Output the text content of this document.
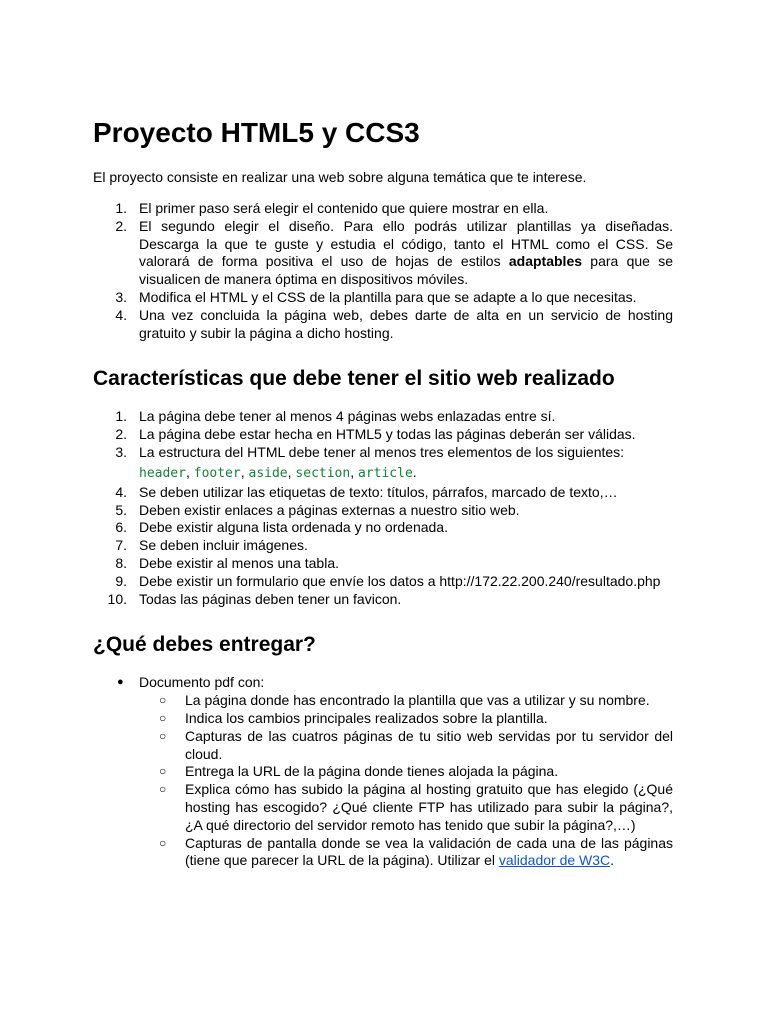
Proyecto HTML5 y CCS3

El proyecto consiste en realizar una web sobre alguna temática que te interese.

1. El primer paso será elegir el contenido que quiere mostrar en ella.
2. El segundo elegir el diseño. Para ello podrás utilizar plantillas ya diseñadas. Descarga la que te guste y estudia el código, tanto el HTML como el CSS. Se valorará de forma positiva el uso de hojas de estilos adaptables para que se visualicen de manera óptima en dispositivos móviles.
3. Modifica el HTML y el CSS de la plantilla para que se adapte a lo que necesitas.
4. Una vez concluida la página web, debes darte de alta en un servicio de hosting gratuito y subir la página a dicho hosting.
Características que debe tener el sitio web realizado
1. La página debe tener al menos 4 páginas webs enlazadas entre sí.
2. La página debe estar hecha en HTML5 y todas las páginas deberán ser válidas.
3. La estructura del HTML debe tener al menos tres elementos de los siguientes:
header, footer, aside, section, article.
4. Se deben utilizar las etiquetas de texto: títulos, párrafos, marcado de texto,…
5. Deben existir enlaces a páginas externas a nuestro sitio web.
6. Debe existir alguna lista ordenada y no ordenada.
7. Se deben incluir imágenes.
8. Debe existir al menos una tabla.
9. Debe existir un formulario que envíe los datos a http://172.22.200.240/resultado.php
10. Todas las páginas deben tener un favicon.
¿Qué debes entregar?
● Documento pdf con:
○ La página donde has encontrado la plantilla que vas a utilizar y su nombre.
○ Indica los cambios principales realizados sobre la plantilla.
○ Capturas de las cuatros páginas de tu sitio web servidas por tu servidor del cloud.
○ Entrega la URL de la página donde tienes alojada la página.
○ Explica cómo has subido la página al hosting gratuito que has elegido (¿Qué hosting has escogido? ¿Qué cliente FTP has utilizado para subir la página?, ¿A qué directorio del servidor remoto has tenido que subir la página?,…)
○ Capturas de pantalla donde se vea la validación de cada una de las páginas (tiene que parecer la URL de la página). Utilizar el validador de W3C.
